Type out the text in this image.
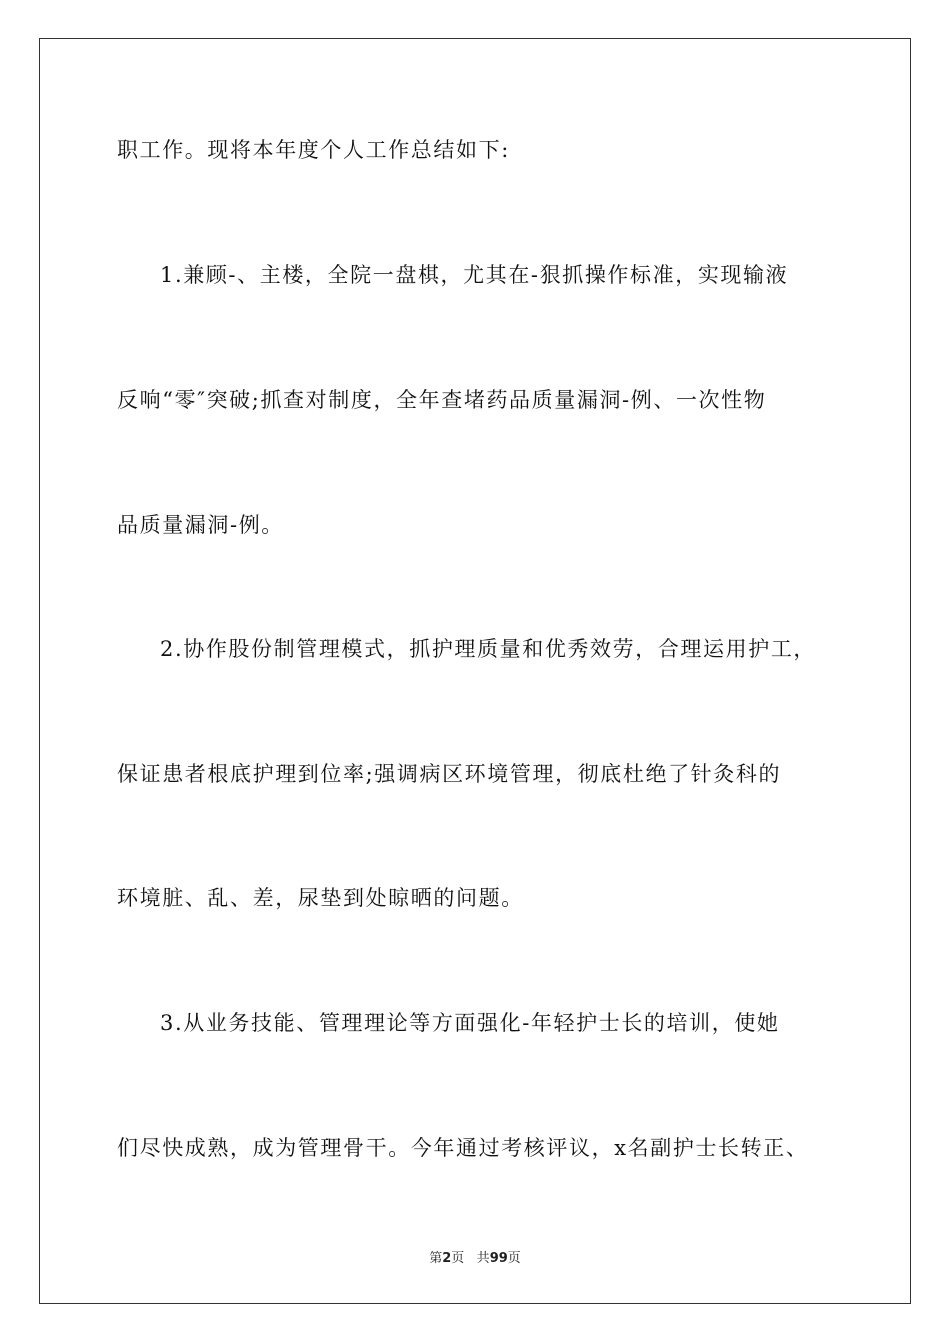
职工作。现将本年度个人工作总结如下:
1.兼顾-、主楼，全院一盘棋，尤其在-狠抓操作标准，实现输液
反响“零″突破;抓查对制度，全年查堵药品质量漏洞-例、一次性物
品质量漏洞-例。
2.协作股份制管理模式，抓护理质量和优秀效劳，合理运用护工，
保证患者根底护理到位率;强调病区环境管理，彻底杜绝了针灸科的
环境脏、乱、差，尿垫到处晾晒的问题。
3.从业务技能、管理理论等方面强化-年轻护士长的培训，使她
们尽快成熟，成为管理骨干。今年通过考核评议，x名副护士长转正、
第2页 共99页
